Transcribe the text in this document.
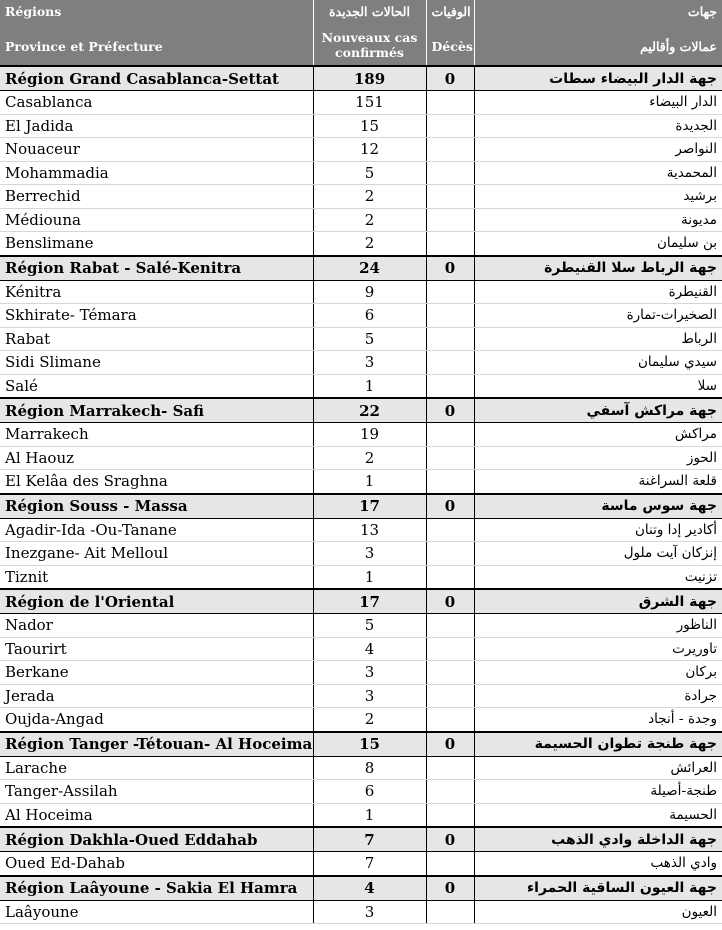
Régions	الحالات الجديدة	الوفيات	جهات
Province et Préfecture	Nouveaux cas confirmés	Décès	عمالات وأقاليم
Région Grand Casablanca-Settat	189	0	جهة الدار البيضاء سطات
Casablanca	151		الدار البيضاء
El Jadida	15		الجديدة
Nouaceur	12		النواصر
Mohammadia	5		المحمدية
Berrechid	2		برشيد
Médiouna	2		مديونة
Benslimane	2		بن سليمان
Région Rabat - Salé-Kenitra	24	0	جهة الرباط سلا القنيطرة
Kénitra	9		القنيطرة
Skhirate- Témara	6		الصخيرات-تمارة
Rabat	5		الرباط
Sidi Slimane	3		سيدي سليمان
Salé	1		سلا
Région Marrakech- Safi	22	0	جهة مراكش آسفي
Marrakech	19		مراكش
Al Haouz	2		الحوز
El Kelâa des Sraghna	1		قلعة السراغنة
Région Souss - Massa	17	0	جهة سوس ماسة
Agadir-Ida -Ou-Tanane	13		أكادير إدا وتنان
Inezgane- Ait Melloul	3		إنزكان آيت ملول
Tiznit	1		تزنيت
Région de l'Oriental	17	0	جهة الشرق
Nador	5		الناظور
Taourirt	4		تاوريرت
Berkane	3		بركان
Jerada	3		جرادة
Oujda-Angad	2		وجدة - أنجاد
Région Tanger -Tétouan- Al Hoceima	15	0	جهة طنجة تطوان الحسيمة
Larache	8		العرائش
Tanger-Assilah	6		طنجة-أصيلة
Al Hoceima	1		الحسيمة
Région Dakhla-Oued Eddahab	7	0	جهة الداخلة وادي الذهب
Oued Ed-Dahab	7		وادي الذهب
Région Laâyoune - Sakia El Hamra	4	0	جهة العيون الساقية الحمراء
Laâyoune	3		العيون
